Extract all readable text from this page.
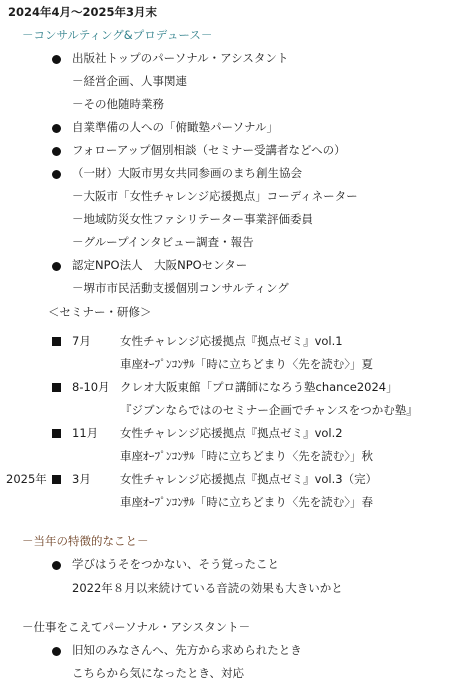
2024年4月～2025年3月末
－コンサルティング&プロデュース－
出版社トップのパーソナル・アシスタント
－経営企画、人事関連
－その他随時業務
自業準備の人への「俯瞰塾パーソナル」
フォローアップ個別相談（セミナー受講者などへの）
（一財）大阪市男女共同参画のまち創生協会
－大阪市「女性チャレンジ応援拠点」コーディネーター
－地域防災女性ファシリテーター事業評価委員
－グループインタビュー調査・報告
認定NPO法人　大阪NPOセンター
－堺市市民活動支援個別コンサルティング
＜セミナー・研修＞
7月	女性チャレンジ応援拠点『拠点ゼミ』vol.1
車座ｵｰﾌﾟﾝｺﾝｻﾙ「時に立ちどまり〈先を読む〉」夏
8-10月 クレオ大阪東館「プロ講師になろう塾chance2024」
『ジブンならではのセミナー企画でチャンスをつかむ塾』
11月 女性チャレンジ応援拠点『拠点ゼミ』vol.2
車座ｵｰﾌﾟﾝｺﾝｻﾙ「時に立ちどまり〈先を読む〉」秋
2025年 3月	女性チャレンジ応援拠点『拠点ゼミ』vol.3（完）
車座ｵｰﾌﾟﾝｺﾝｻﾙ「時に立ちどまり〈先を読む〉」春
－当年の特徴的なこと－
学びはうそをつかない、そう覚ったこと
2022年８月以来続けている音読の効果も大きいかと
－仕事をこえてパーソナル・アシスタント－
旧知のみなさんへ、先方から求められたとき
こちらから気になったとき、対応
